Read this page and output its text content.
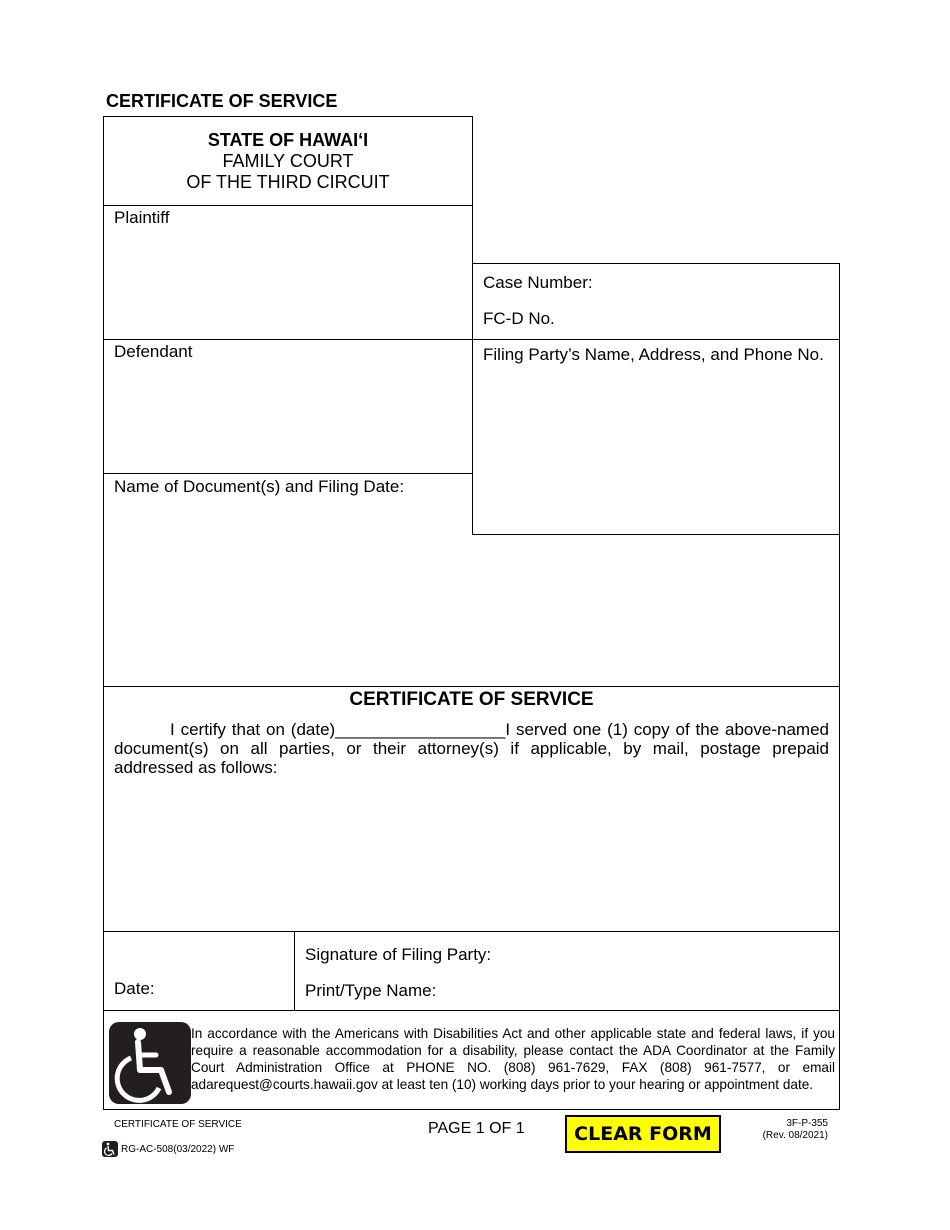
CERTIFICATE OF SERVICE
STATE OF HAWAI‘I
FAMILY COURT
OF THE THIRD CIRCUIT
Plaintiff
Defendant
Name of Document(s) and Filing Date:
Case Number:
FC-D No.
Filing Party’s Name, Address, and Phone No.
CERTIFICATE OF SERVICE
I certify that on (date)__________________I served one (1) copy of the above-named document(s) on all parties, or their attorney(s) if applicable, by mail, postage prepaid addressed as follows:
Date:
Signature of Filing Party:
Print/Type Name:
In accordance with the Americans with Disabilities Act and other applicable state and federal laws, if you require a reasonable accommodation for a disability, please contact the ADA Coordinator at the Family Court Administration Office at PHONE NO. (808) 961-7629, FAX (808) 961-7577, or email adarequest@courts.hawaii.gov at least ten (10) working days prior to your hearing or appointment date.
CERTIFICATE OF SERVICE
RG-AC-508(03/2022) WF
PAGE 1 OF 1	CLEAR FORM	3F-P-355
(Rev. 08/2021)
